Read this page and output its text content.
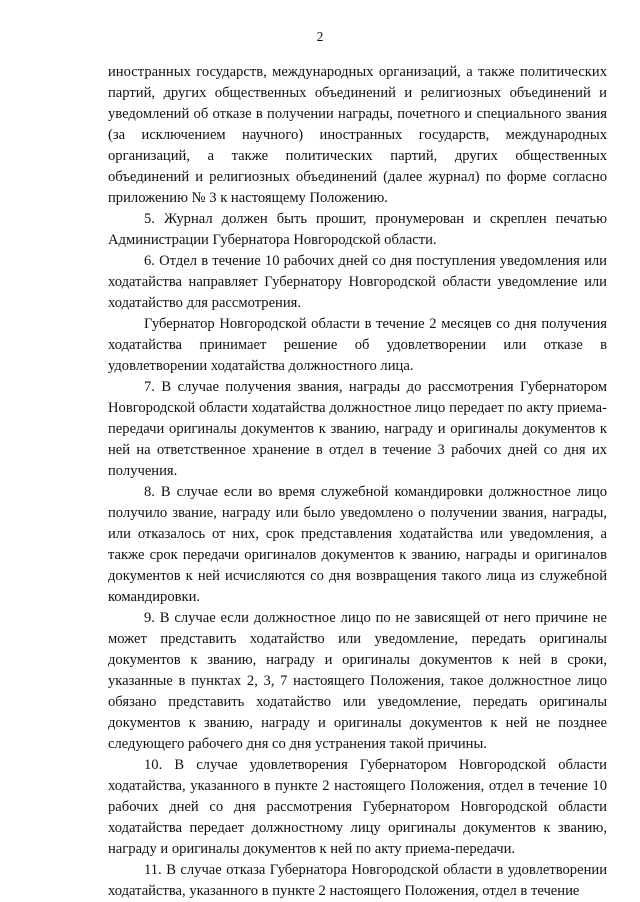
2

иностранных государств, международных организаций, а также политических партий, других общественных объединений и религиозных объединений и уведомлений об отказе в получении награды, почетного и специального звания (за исключением научного) иностранных государств, международных организаций, а также политических партий, других общественных объединений и религиозных объединений (далее журнал) по форме согласно приложению № 3 к настоящему Положению.

5. Журнал должен быть прошит, пронумерован и скреплен печатью Администрации Губернатора Новгородской области.

6. Отдел в течение 10 рабочих дней со дня поступления уведомления или ходатайства направляет Губернатору Новгородской области уведомление или ходатайство для рассмотрения.

Губернатор Новгородской области в течение 2 месяцев со дня получения ходатайства принимает решение об удовлетворении или отказе в удовлетворении ходатайства должностного лица.

7. В случае получения звания, награды до рассмотрения Губернатором Новгородской области ходатайства должностное лицо передает по акту приема-передачи оригиналы документов к званию, награду и оригиналы документов к ней на ответственное хранение в отдел в течение 3 рабочих дней со дня их получения.

8. В случае если во время служебной командировки должностное лицо получило звание, награду или было уведомлено о получении звания, награды, или отказалось от них, срок представления ходатайства или уведомления, а также срок передачи оригиналов документов к званию, награды и оригиналов документов к ней исчисляются со дня возвращения такого лица из служебной командировки.

9. В случае если должностное лицо по не зависящей от него причине не может представить ходатайство или уведомление, передать оригиналы документов к званию, награду и оригиналы документов к ней в сроки, указанные в пунктах 2, 3, 7 настоящего Положения, такое должностное лицо обязано представить ходатайство или уведомление, передать оригиналы документов к званию, награду и оригиналы документов к ней не позднее следующего рабочего дня со дня устранения такой причины.

10. В случае удовлетворения Губернатором Новгородской области ходатайства, указанного в пункте 2 настоящего Положения, отдел в течение 10 рабочих дней со дня рассмотрения Губернатором Новгородской области ходатайства передает должностному лицу оригиналы документов к званию, награду и оригиналы документов к ней по акту приема-передачи.

11. В случае отказа Губернатора Новгородской области в удовлетворении ходатайства, указанного в пункте 2 настоящего Положения, отдел в течение
